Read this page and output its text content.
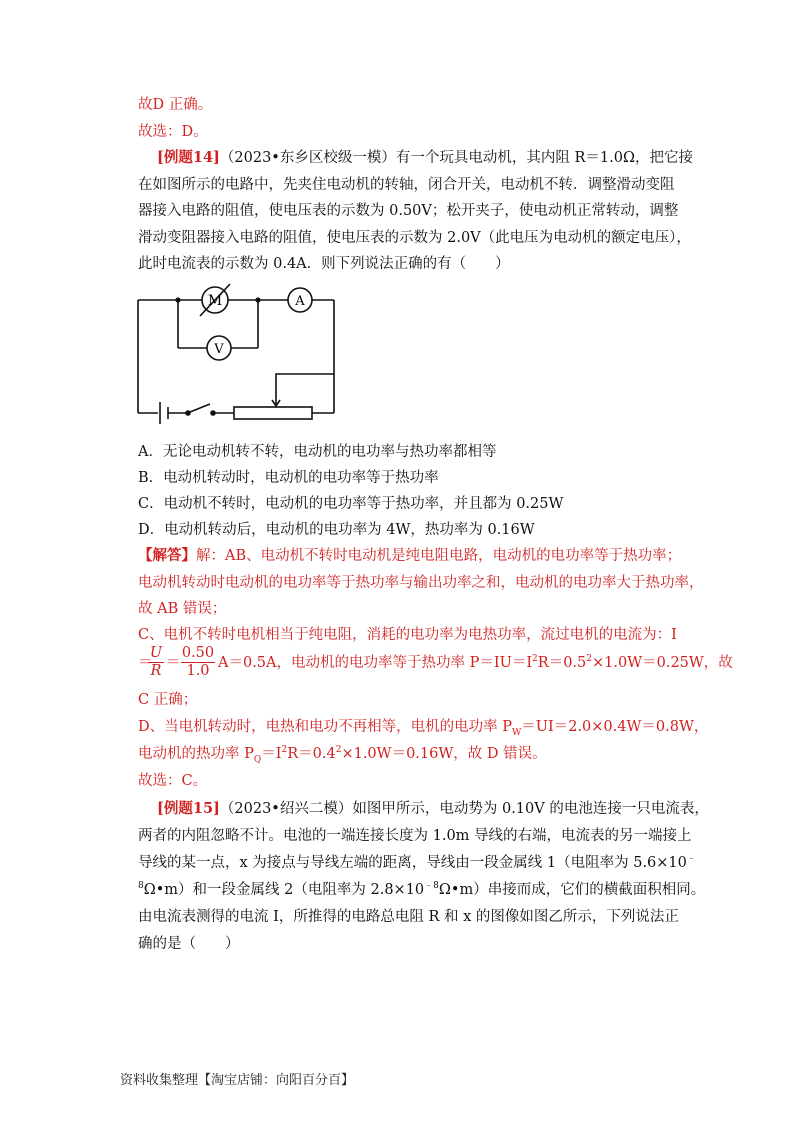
故D 正确。
故选：D。
[例题14]（2023•东乡区校级一模）有一个玩具电动机，其内阻 R＝1.0Ω，把它接
在如图所示的电路中，先夹住电动机的转轴，闭合开关，电动机不转．调整滑动变阻
器接入电路的阻值，使电压表的示数为 0.50V；松开夹子，使电动机正常转动，调整
滑动变阻器接入电路的阻值，使电压表的示数为 2.0V（此电压为电动机的额定电压），
此时电流表的示数为 0.4A．则下列说法正确的有（　　）
M	A
V
A．无论电动机转不转，电动机的电功率与热功率都相等
B．电动机转动时，电动机的电功率等于热功率
C．电动机不转时，电动机的电功率等于热功率，并且都为 0.25W
D．电动机转动后，电动机的电功率为 4W，热功率为 0.16W
【解答】解：AB、电动机不转时电动机是纯电阻电路，电动机的电功率等于热功率；
电动机转动时电动机的电功率等于热功率与输出功率之和，电动机的电功率大于热功率，
故 AB 错误；
C、电机不转时电机相当于纯电阻，消耗的电功率为电热功率，流过电机的电流为：I
＝
$\frac{U}{R} = \frac{0.50}{1.0} A=0.5A$，电动机的电功率等于热功率 $P=IU=I^2R=0.5^2\times 1.0W=0.25W$，故
C 正确；
D、当电机转动时，电热和电功不再相等，电机的电功率 $P_W=UI=2.0\times 0.4W=0.8W$，
电动机的热功率 $P_Q=I^2R=0.4^2\times 1.0W=0.16W$，故 D 错误。
故选：C。
[例题15]（2023•绍兴二模）如图甲所示，电动势为 0.10V 的电池连接一只电流表，
两者的内阻忽略不计。电池的一端连接长度为 1.0m 导线的右端，电流表的另一端接上
导线的某一点，x 为接点与导线左端的距离，导线由一段金属线 1（电阻率为 5.6×10﹣
$^8$Ω•m）和一段金属线 2（电阻率为 $2.8\times 10^{﹣8}\Omega•m$）串接而成，它们的横截面积相同。
由电流表测得的电流 I，所推得的电路总电阻 R 和 x 的图像如图乙所示，下列说法正
确的是（　　）
资料收集整理【淘宝店铺：向阳百分百】
